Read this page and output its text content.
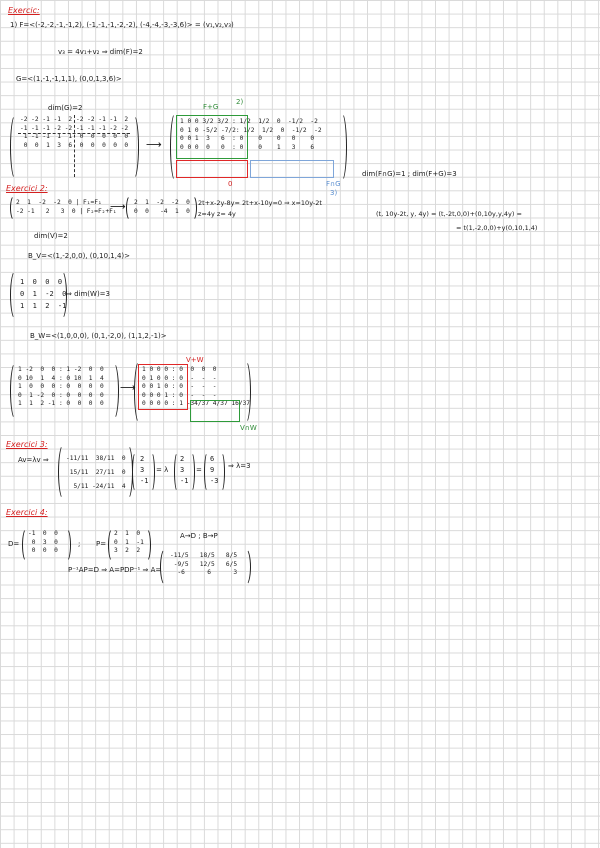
Exercic:
1) F=<(-2,-2,-1,-1,2), (-1,-1,-1,-2,-2), (-4,-4,-3,-3,6)> = (v₁,v₂,v₃)
v₃ = 4v₁+v₂ ⇒ dim(F)=2
G=<(1,-1,-1,1,1), (0,0,1,3,6)>
dim(G)=2
-2 -2 -1 -1  2
-1 -1 -1 -2 -2
1 -1 -1  1  1
0  0  1  3  6
-2 -2 -1 -1  2
-1 -1 -1 -2 -2
0  0  0  0  0
0  0  0  0  0 ⟶
1 0 0 3/2 3/2 : 1/2  1/2  0  -1/2  -2
0 1 0 -5/2 -7/2: 1/2  1/2  0  -1/2  -2
0 0 1  3   6  : 0    0    0   0    0
0 0 0  0   0  : 0    0    1   3    6
F+G
2)
0	F∩G
3)
dim(F∩G)=1 ; dim(F+G)=3
Exercici 2:
2  1  -2  -2  0 | F₁=F₁
-2 -1   2   3  0 | F₂=F₂+F₁
⟶ 2  1  -2  -2  0
0  0   -4  1  0
2t+x-2y-8y= 2t+x-10y=0 ⇒ x=10y-2t
z=4y z= 4y	(t, 10y-2t, y, 4y) = (t,-2t,0,0)+(0,10y,y,4y) =
= t(1,-2,0,0)+y(0,10,1,4)
dim(V)=2
B_V=<(1,-2,0,0), (0,10,1,4)>
1  0  0  0
0  1  -2  0
1  1  2  -1
⇒ dim(W)=3
B_W=<(1,0,0,0), (0,1,-2,0), (1,1,2,-1)>
1 -2  0  0 : 1 -2  0  0
0 10  1  4 : 0 10  1  4
1  0  0  0 : 0  0  0  0
0  1 -2  0 : 0  0  0  0
1  1  2 -1 : 0  0  0  0
⟶
1 0 0 0 : 0  0  0  0
0 1 0 0 : 0  -  -  -
0 0 1 0 : 0  -  -  -
0 0 0 1 : 0  -  -  -
0 0 0 0 : 1 -34/37 4/37 16/37
V+W
V∩W
Exercici 3:
Av=λv ⇒	-11/11  38/11  0
15/11  27/11  0
5/11 -24/11  4
2
3
-1
= λ
2
3
-1
=
6
9
-3
⇒ λ=3
Exercici 4:
D=
-1  0  0
0  3  0
0  0  0
; P=
2  1  0
0  1  -1
3  2  2
A→D ; B→P
P⁻¹AP=D ⇒ A=PDP⁻¹ ⇒ A=
-11/5   18/5   8/5
-9/5   12/5   6/5
-6      6      3
